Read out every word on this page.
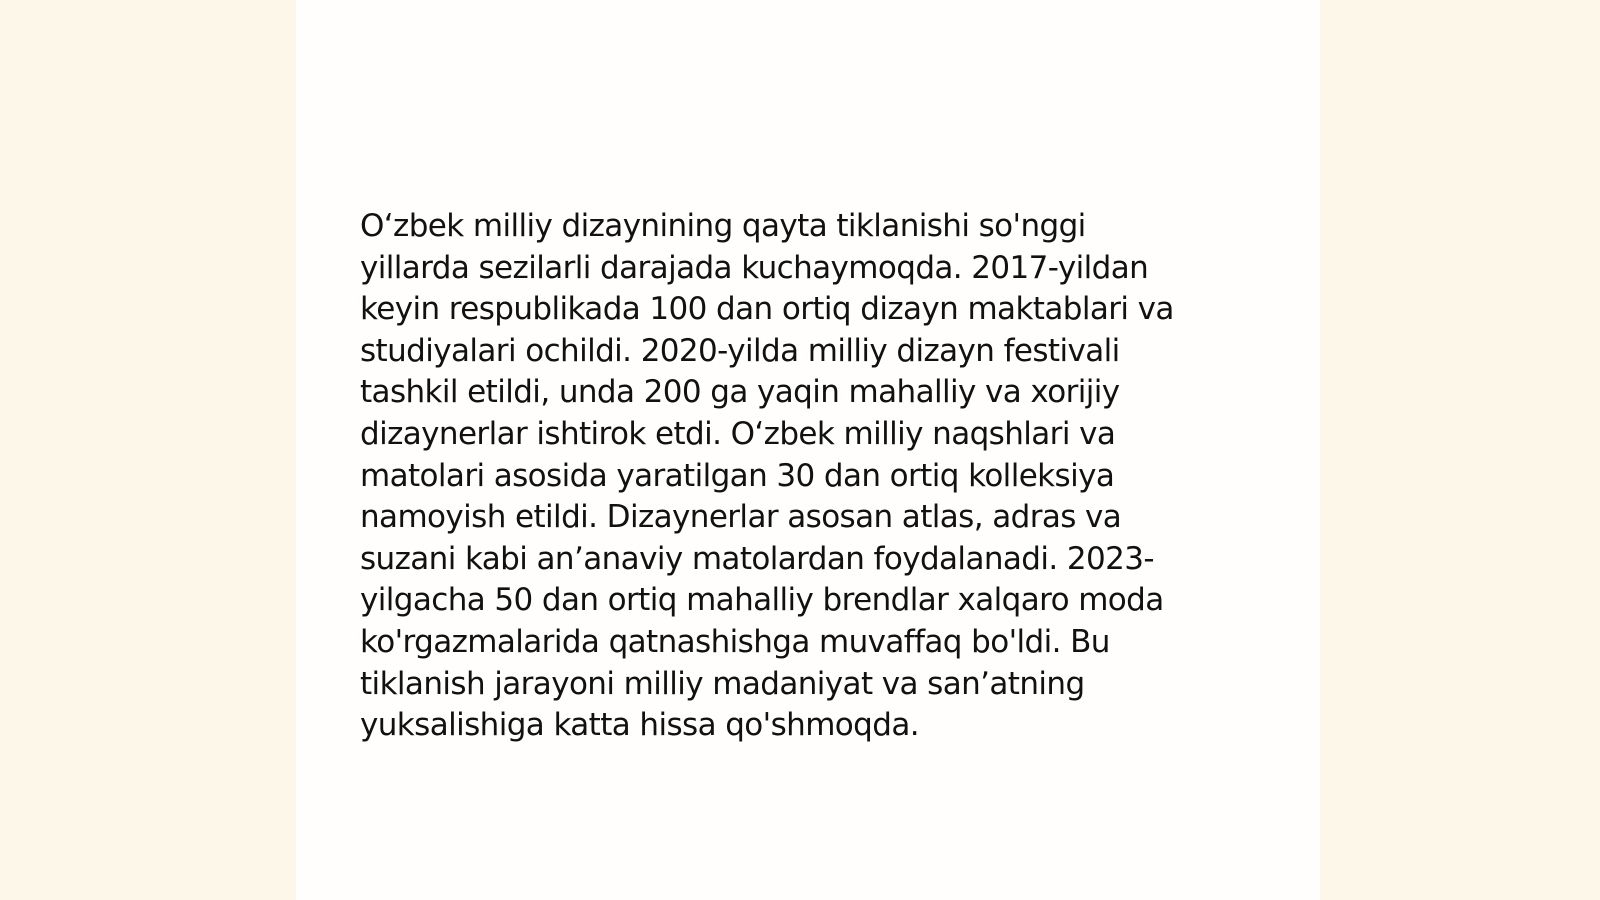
O‘zbek milliy dizaynining qayta tiklanishi so'nggi
yillarda sezilarli darajada kuchaymoqda. 2017-yildan
keyin respublikada 100 dan ortiq dizayn maktablari va
studiyalari ochildi. 2020-yilda milliy dizayn festivali
tashkil etildi, unda 200 ga yaqin mahalliy va xorijiy
dizaynerlar ishtirok etdi. O‘zbek milliy naqshlari va
matolari asosida yaratilgan 30 dan ortiq kolleksiya
namoyish etildi. Dizaynerlar asosan atlas, adras va
suzani kabi an’anaviy matolardan foydalanadi. 2023-
yilgacha 50 dan ortiq mahalliy brendlar xalqaro moda
ko'rgazmalarida qatnashishga muvaffaq bo'ldi. Bu
tiklanish jarayoni milliy madaniyat va san’atning
yuksalishiga katta hissa qo'shmoqda.
